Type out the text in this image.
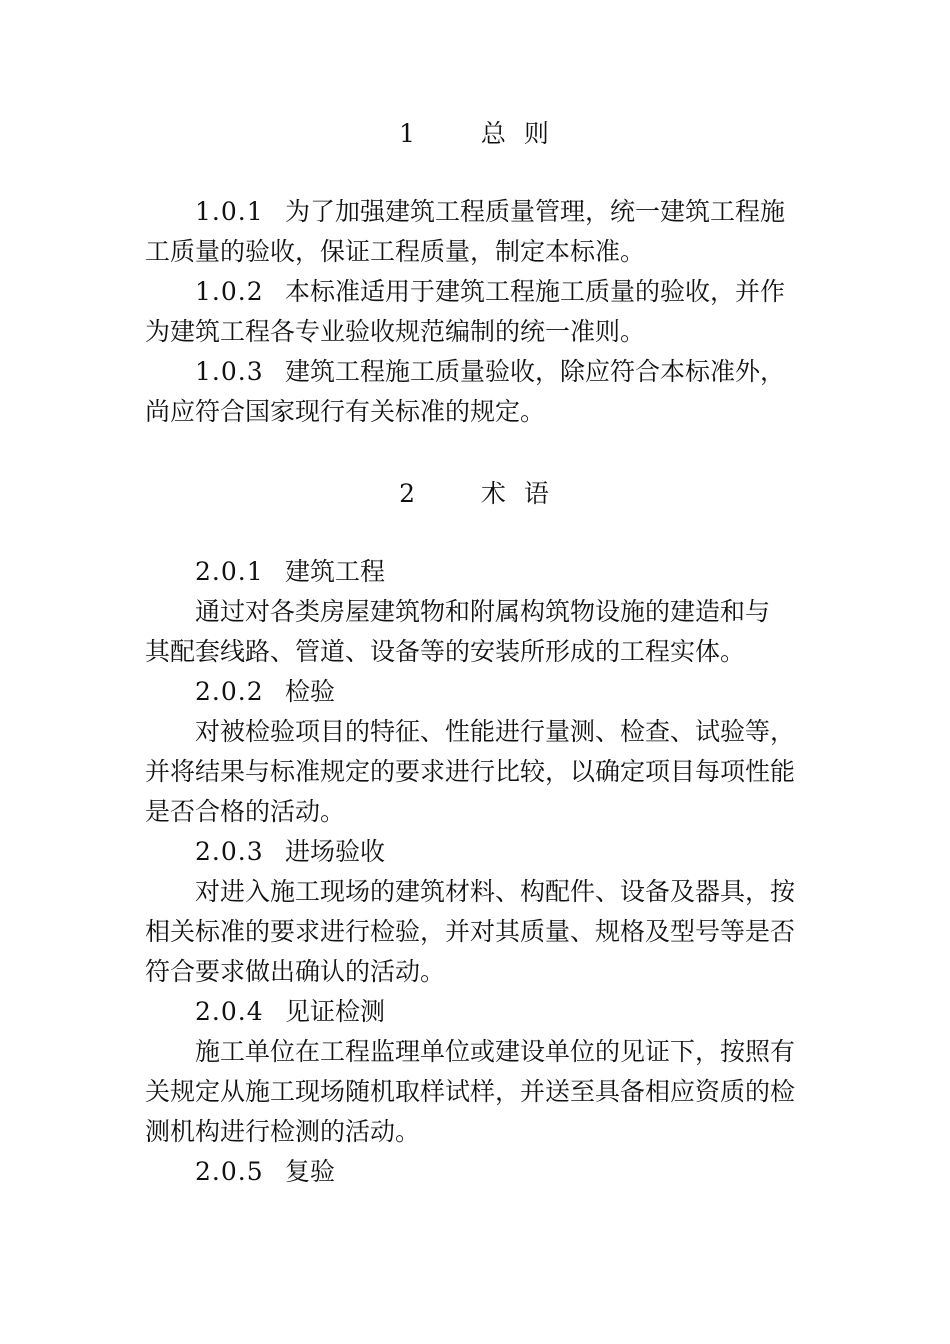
1	总 则
1.0.1 为了加强建筑工程质量管理，统一建筑工程施
工质量的验收，保证工程质量，制定本标准。
1.0.2 本标准适用于建筑工程施工质量的验收，并作
为建筑工程各专业验收规范编制的统一准则。
1.0.3 建筑工程施工质量验收，除应符合本标准外，
尚应符合国家现行有关标准的规定。
2	术 语
2.0.1 建筑工程
通过对各类房屋建筑物和附属构筑物设施的建造和与
其配套线路、管道、设备等的安装所形成的工程实体。
2.0.2 检验
对被检验项目的特征、性能进行量测、检查、试验等，
并将结果与标准规定的要求进行比较，以确定项目每项性能
是否合格的活动。
2.0.3 进场验收
对进入施工现场的建筑材料、构配件、设备及器具，按
相关标准的要求进行检验，并对其质量、规格及型号等是否
符合要求做出确认的活动。
2.0.4 见证检测
施工单位在工程监理单位或建设单位的见证下，按照有
关规定从施工现场随机取样试样，并送至具备相应资质的检
测机构进行检测的活动。
2.0.5 复验
